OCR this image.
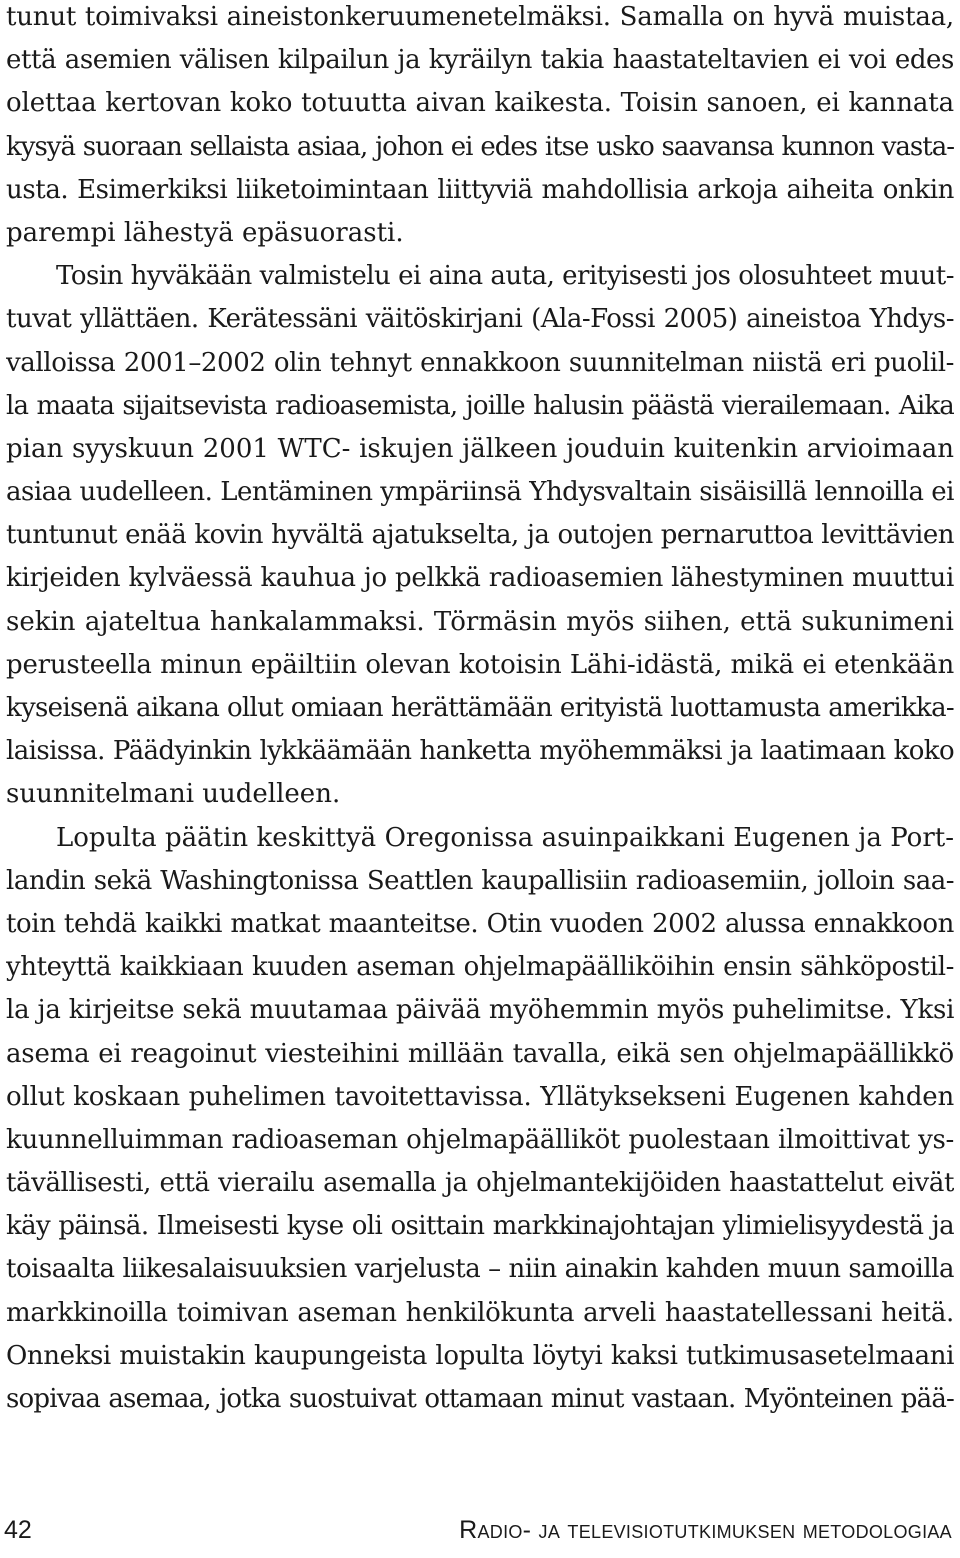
tunut toimivaksi aineistonkeruumenetelmäksi. Samalla on hyvä muistaa,
että asemien välisen kilpailun ja kyräilyn takia haastateltavien ei voi edes
olettaa kertovan koko totuutta aivan kaikesta. Toisin sanoen, ei kannata
kysyä suoraan sellaista asiaa, johon ei edes itse usko saavansa kunnon vasta-
usta. Esimerkiksi liiketoimintaan liittyviä mahdollisia arkoja aiheita onkin
parempi lähestyä epäsuorasti.
Tosin hyväkään valmistelu ei aina auta, erityisesti jos olosuhteet muut-
tuvat yllättäen. Kerätessäni väitöskirjani (Ala-Fossi 2005) aineistoa Yhdys-
valloissa 2001–2002 olin tehnyt ennakkoon suunnitelman niistä eri puolil-
la maata sijaitsevista radioasemista, joille halusin päästä vierailemaan. Aika
pian syyskuun 2001 WTC- iskujen jälkeen jouduin kuitenkin arvioimaan
asiaa uudelleen. Lentäminen ympäriinsä Yhdysvaltain sisäisillä lennoilla ei
tuntunut enää kovin hyvältä ajatukselta, ja outojen pernaruttoa levittävien
kirjeiden kylväessä kauhua jo pelkkä radioasemien lähestyminen muuttui
sekin ajateltua hankalammaksi. Törmäsin myös siihen, että sukunimeni
perusteella minun epäiltiin olevan kotoisin Lähi-idästä, mikä ei etenkään
kyseisenä aikana ollut omiaan herättämään erityistä luottamusta amerikka-
laisissa. Päädyinkin lykkäämään hanketta myöhemmäksi ja laatimaan koko
suunnitelmani uudelleen.
Lopulta päätin keskittyä Oregonissa asuinpaikkani Eugenen ja Port-
landin sekä Washingtonissa Seattlen kaupallisiin radioasemiin, jolloin saa-
toin tehdä kaikki matkat maanteitse. Otin vuoden 2002 alussa ennakkoon
yhteyttä kaikkiaan kuuden aseman ohjelmapäälliköihin ensin sähköpostil-
la ja kirjeitse sekä muutamaa päivää myöhemmin myös puhelimitse. Yksi
asema ei reagoinut viesteihini millään tavalla, eikä sen ohjelmapäällikkö
ollut koskaan puhelimen tavoitettavissa. Yllätyksekseni Eugenen kahden
kuunnelluimman radioaseman ohjelmapäälliköt puolestaan ilmoittivat ys-
tävällisesti, että vierailu asemalla ja ohjelmantekijöiden haastattelut eivät
käy päinsä. Ilmeisesti kyse oli osittain markkinajohtajan ylimielisyydestä ja
toisaalta liikesalaisuuksien varjelusta – niin ainakin kahden muun samoilla
markkinoilla toimivan aseman henkilökunta arveli haastatellessani heitä.
Onneksi muistakin kaupungeista lopulta löytyi kaksi tutkimusasetelmaani
sopivaa asemaa, jotka suostuivat ottamaan minut vastaan. Myönteinen pää-
42	Radio- ja televisiotutkimuksen metodologiaa
